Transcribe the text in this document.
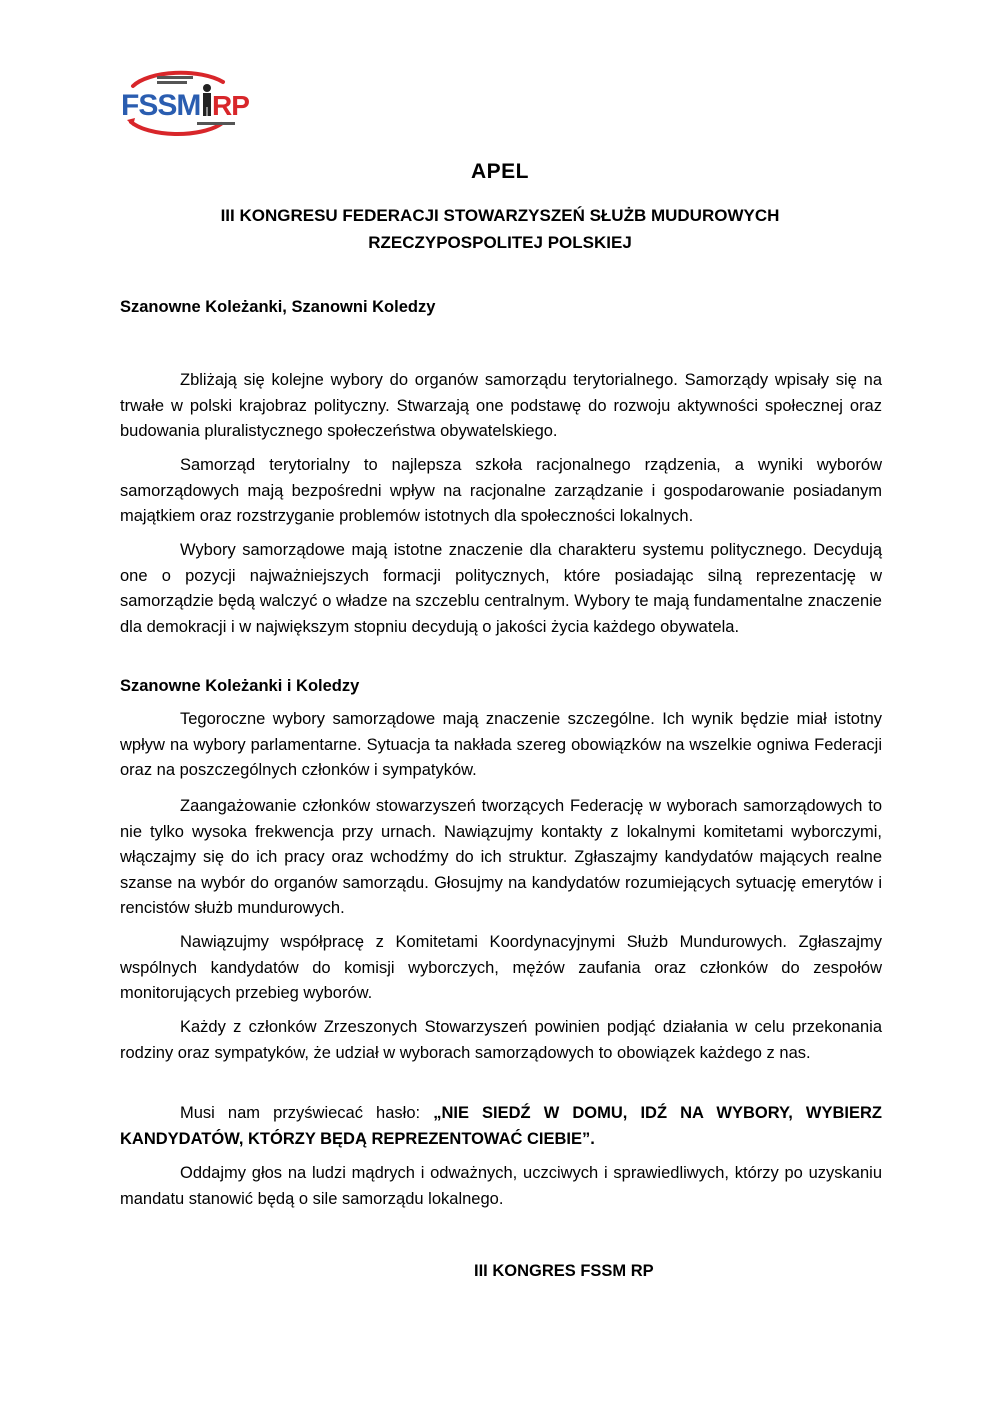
FSSM RP
APEL
III KONGRESU FEDERACJI STOWARZYSZEŃ SŁUŻB MUDUROWYCH
RZECZYPOSPOLITEJ POLSKIEJ
Szanowne Koleżanki, Szanowni Koledzy

Zbliżają się kolejne wybory do organów samorządu terytorialnego. Samorządy wpisały się na trwałe w polski krajobraz polityczny. Stwarzają one podstawę do rozwoju aktywności społecznej oraz budowania pluralistycznego społeczeństwa obywatelskiego.

Samorząd terytorialny to najlepsza szkoła racjonalnego rządzenia, a wyniki wyborów samorządowych mają bezpośredni wpływ na racjonalne zarządzanie i gospodarowanie posiadanym majątkiem oraz rozstrzyganie problemów istotnych dla społeczności lokalnych.

Wybory samorządowe mają istotne znaczenie dla charakteru systemu politycznego. Decydują one o pozycji najważniejszych formacji politycznych, które posiadając silną reprezentację w samorządzie będą walczyć o władze na szczeblu centralnym. Wybory te mają fundamentalne znaczenie dla demokracji i w największym stopniu decydują o jakości życia każdego obywatela.

Szanowne Koleżanki i Koledzy

Tegoroczne wybory samorządowe mają znaczenie szczególne. Ich wynik będzie miał istotny wpływ na wybory parlamentarne. Sytuacja ta nakłada szereg obowiązków na wszelkie ogniwa Federacji oraz na poszczególnych członków i sympatyków.

Zaangażowanie członków stowarzyszeń tworzących Federację w wyborach samorządowych to nie tylko wysoka frekwencja przy urnach. Nawiązujmy kontakty z lokalnymi komitetami wyborczymi, włączajmy się do ich pracy oraz wchodźmy do ich struktur. Zgłaszajmy kandydatów mających realne szanse na wybór do organów samorządu. Głosujmy na kandydatów rozumiejących sytuację emerytów i rencistów służb mundurowych.

Nawiązujmy współpracę z Komitetami Koordynacyjnymi Służb Mundurowych. Zgłaszajmy wspólnych kandydatów do komisji wyborczych, mężów zaufania oraz członków do zespołów monitorujących przebieg wyborów.

Każdy z członków Zrzeszonych Stowarzyszeń powinien podjąć działania w celu przekonania rodziny oraz sympatyków, że udział w wyborach samorządowych to obowiązek każdego z nas.

Musi nam przyświecać hasło: „NIE SIEDŹ W DOMU, IDŹ NA WYBORY, WYBIERZ KANDYDATÓW, KTÓRZY BĘDĄ REPREZENTOWAĆ CIEBIE”.

Oddajmy głos na ludzi mądrych i odważnych, uczciwych i sprawiedliwych, którzy po uzyskaniu mandatu stanowić będą o sile samorządu lokalnego.

III KONGRES FSSM RP
